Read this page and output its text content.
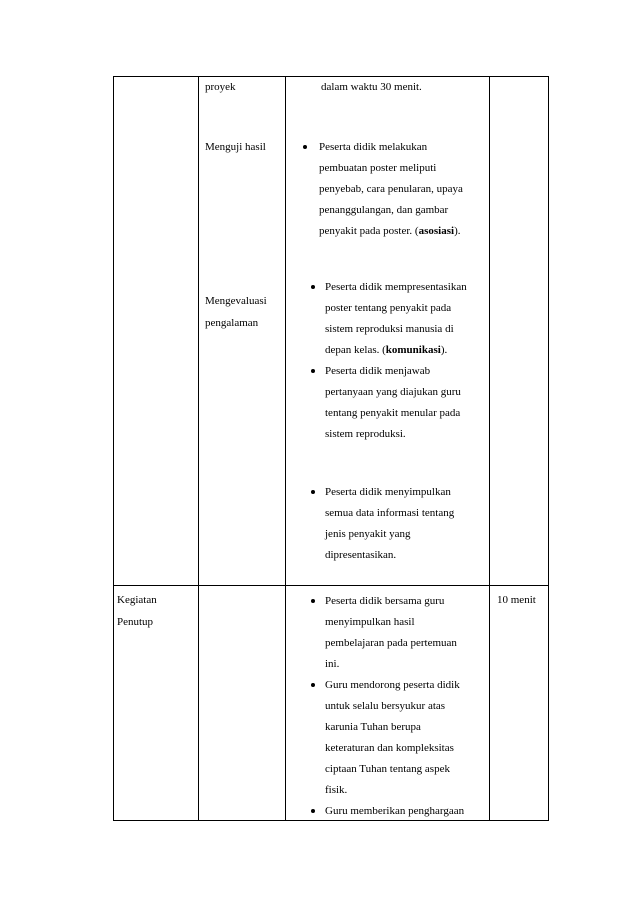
proyek
Menguji hasil
Mengevaluasi
pengalaman
dalam waktu 30 menit.
Peserta didik melakukan
pembuatan poster meliputi
penyebab, cara penularan, upaya
penanggulangan, dan gambar
penyakit pada poster. (asosiasi).
Peserta didik mempresentasikan
poster tentang penyakit pada
sistem reproduksi manusia di
depan kelas. (komunikasi).
Peserta didik menjawab
pertanyaan yang diajukan guru
tentang penyakit menular pada
sistem reproduksi.
Peserta didik menyimpulkan
semua data informasi tentang
jenis penyakit yang
dipresentasikan.
Kegiatan
Penutup
10 menit
Peserta didik bersama guru
menyimpulkan hasil
pembelajaran pada pertemuan
ini.
Guru mendorong peserta didik
untuk selalu bersyukur atas
karunia Tuhan berupa
keteraturan dan kompleksitas
ciptaan Tuhan tentang aspek
fisik.
Guru memberikan penghargaan
